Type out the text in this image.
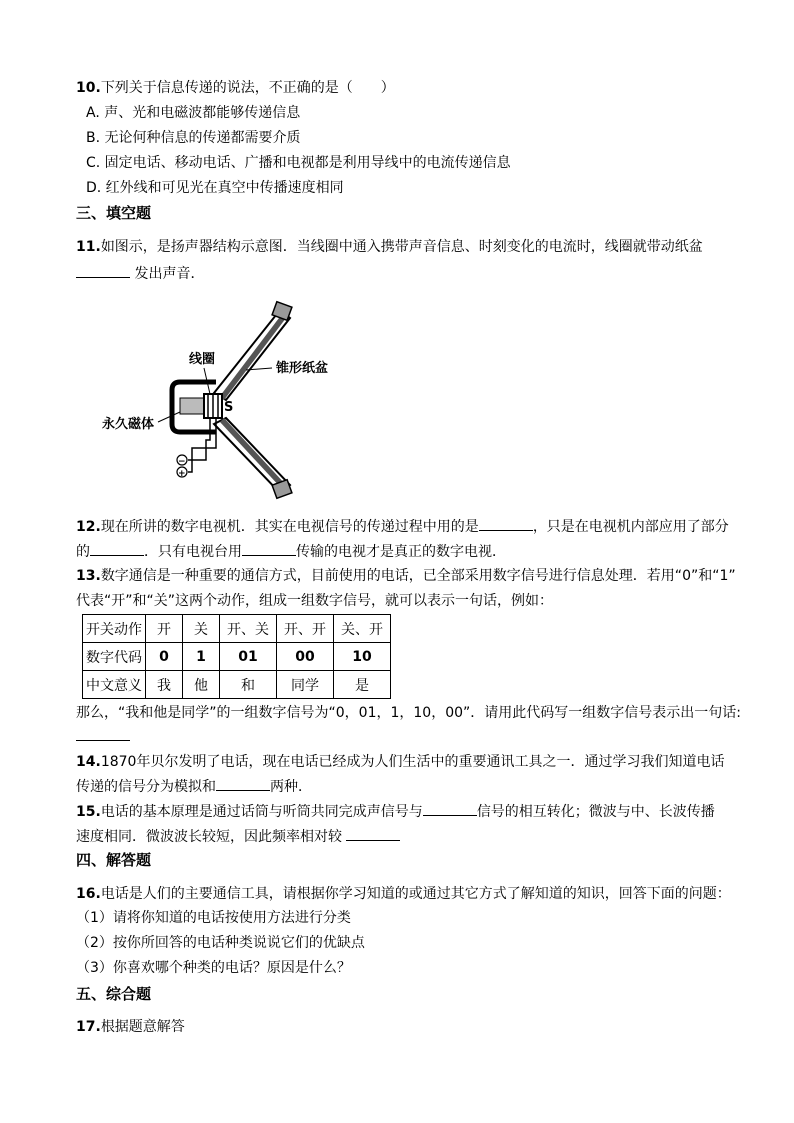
10.下列关于信息传递的说法，不正确的是（　　）
A. 声、光和电磁波都能够传递信息
B. 无论何种信息的传递都需要介质
C. 固定电话、移动电话、广播和电视都是利用导线中的电流传递信息
D. 红外线和可见光在真空中传播速度相同
三、填空题
11.如图示，是扬声器结构示意图．当线圈中通入携带声音信息、时刻变化的电流时，线圈就带动纸盆
发出声音．
S
−
+
线圈
锥形纸盆
永久磁体
12.现在所讲的数字电视机．其实在电视信号的传递过程中用的是	，只是在电视机内部应用了部分
的	．只有电视台用	传输的电视才是真正的数字电视．
13.数字通信是一种重要的通信方式，目前使用的电话，已全部采用数字信号进行信息处理．若用“0”和“1”
代表“开”和“关”这两个动作，组成一组数字信号，就可以表示一句话，例如：
开关动作	开	关	开、关	开、开	关、开
数字代码	0	1	01	00	10
中文意义	我	他	和	同学	是
那么，“我和他是同学”的一组数字信号为“0，01，1，10，00”．请用此代码写一组数字信号表示出一句话:
14.1870年贝尔发明了电话，现在电话已经成为人们生活中的重要通讯工具之一．通过学习我们知道电话
传递的信号分为模拟和	两种．
15.电话的基本原理是通过话筒与听筒共同完成声信号与	信号的相互转化；微波与中、长波传播
速度相同．微波波长较短，因此频率相对较
四、解答题
16.电话是人们的主要通信工具，请根据你学习知道的或通过其它方式了解知道的知识，回答下面的问题：
（1）请将你知道的电话按使用方法进行分类
（2）按你所回答的电话种类说说它们的优缺点
（3）你喜欢哪个种类的电话？原因是什么？
五、综合题
17.根据题意解答
